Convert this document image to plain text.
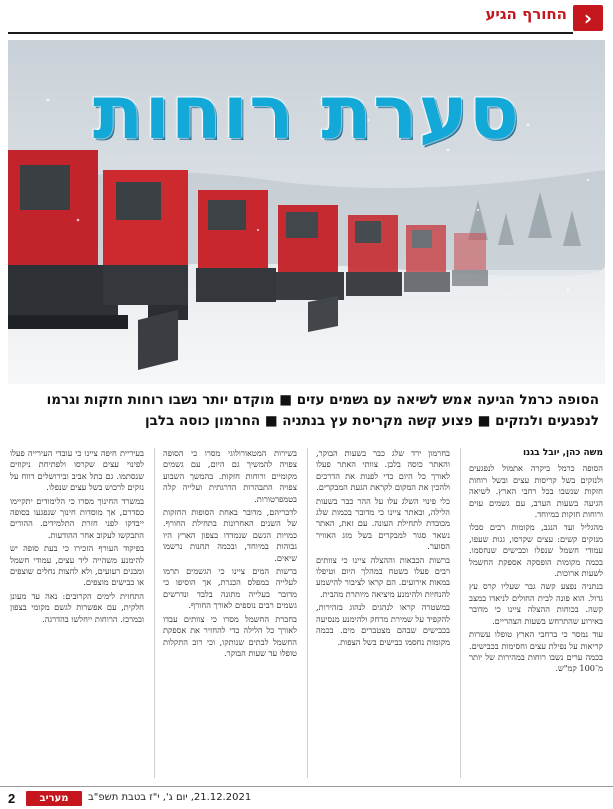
החורף הגיע ›
סערת רוחות
הסופה כרמל הגיעה אמש לשיאה עם גשמים עזים ■ מוקדם יותר נשבו רוחות חזקות וגרמו לנפגעים ולנזקים ■ פצוע קשה מקריסת עץ בנתניה ■ החרמון כוסה בלבן
משה כהן, יובל בגנו

הסופה כרמל ביקרה אתמול לנפגעים ולנזקים בשל קריסות עצים ובשל רוחות חזקות שנשבו בכל רחבי הארץ. לשיאה הגיעה בשעות הערב, עם גשמים עזים ורוחות חזקות במיוחד.

מהגליל ועד הנגב, מקומות רבים סבלו מנזקים קשים: עצים שקרסו, גגות שעפו, עמודי חשמל שנפלו וכבישים שנחסמו. בכמה מקומות הופסקה אספקת החשמל לשעות ארוכות.

בנתניה נפצע קשה גבר שעליו קרס עץ גדול. הוא פונה לבית החולים לניאדו במצב קשה. בכוחות ההצלה ציינו כי מדובר באירוע שהתרחש בשעות הצהריים.

עוד נמסר כי ברחבי הארץ טופלו עשרות קריאות על נפילת עצים וחסימות בכבישים. בכמה ערים נשבו רוחות במהירות של יותר מ־100 קמ"ש.

בחרמון ירד שלג כבר בשעות הבוקר, והאתר כוסה בלבן. צוותי האתר פעלו לאורך כל היום כדי לפנות את הדרכים ולהכין את המקום לקראת הגעת המבקרים.

כלי פינוי השלג עלו על ההר כבר בשעות הלילה, ובאתר ציינו כי מדובר בכמות שלג מכובדת לתחילת העונה. עם זאת, האתר נשאר סגור למבקרים בשל מזג האוויר הסוער.

ברשות הכבאות וההצלה ציינו כי צוותים רבים פעלו בשטח במהלך היום וטיפלו במאות אירועים. הם קראו לציבור להישמע להנחיות ולהימנע מיציאה מיותרת מהבית.

במשטרה קראו לנהגים לנהוג בזהירות, להקפיד על שמירת מרחק ולהימנע מנסיעה בכבישים שבהם מצטברים מים. בכמה מקומות נחסמו כבישים בשל הצפות.

בשירות המטאורולוגי מסרו כי הסופה צפויה להמשיך גם היום, עם גשמים מקומיים ורוחות חזקות. בהמשך השבוע צפויה התבהרות הדרגתית ועלייה קלה בטמפרטורות.

לדבריהם, מדובר באחת הסופות החזקות של השנים האחרונות בתחילת החורף. כמויות הגשם שנמדדו בצפון הארץ היו גבוהות במיוחד, ובכמה תחנות נרשמו שיאים.

ברשות המים ציינו כי הגשמים תרמו לעלייה במפלס הכנרת, אך הוסיפו כי מדובר בעלייה מתונה בלבד ונדרשים גשמים רבים נוספים לאורך החורף.

בחברת החשמל מסרו כי צוותים עבדו לאורך כל הלילה כדי להחזיר את אספקת החשמל לבתים שנותקו, וכי רוב התקלות טופלו עד שעות הבוקר.

בעיריית חיפה ציינו כי עובדי העירייה פעלו לפינוי עצים שקרסו ולפתיחת ניקוזים שנסתמו. גם בתל אביב ובירושלים דווח על נזקים לרכוש בשל עצים שנפלו.

במשרד החינוך מסרו כי הלימודים יתקיימו כסדרם, אך מוסדות חינוך שנפגעו בסופה ייבדקו לפני חזרת התלמידים. ההורים התבקשו לעקוב אחר ההודעות.

בפיקוד העורף הזכירו כי בעת סופה יש להימנע משהייה ליד עצים, עמודי חשמל ומבנים רעועים, ולא לחצות נחלים שוצפים או כבישים מוצפים.

התחזית לימים הקרובים: נאה עד מעונן חלקית, עם אפשרות לגשם מקומי בצפון ובמרכז. הרוחות ייחלשו בהדרגה.

2	מעריב	21.12.2021, יום ג', י"ז בטבת תשפ"ב
